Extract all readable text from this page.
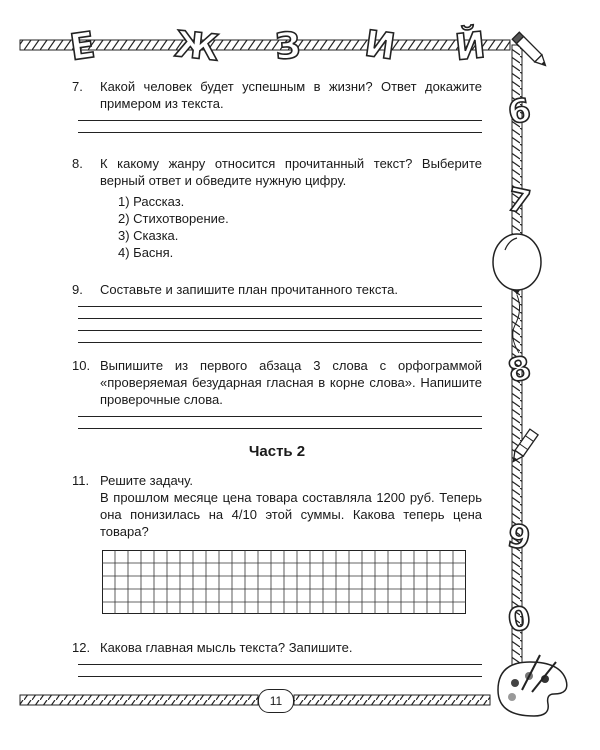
Е Ж З И Й
6
7
8
9
0
7. Какой человек будет успешным в жизни? Ответ докажите примером из текста.
8. К какому жанру относится прочитанный текст? Выберите верный ответ и обведите нужную цифру.
1) Рассказ.
2) Стихотворение.
3) Сказка.
4) Басня.
9. Составьте и запишите план прочитанного текста.
10. Выпишите из первого абзаца 3 слова с орфограммой «проверяемая безударная гласная в корне слова». Напишите проверочные слова.

Часть 2

11. Решите задачу.
В прошлом месяце цена товара составляла 1200 руб. Теперь она понизилась на 4/10 этой суммы. Какова теперь цена товара?
12. Какова главная мысль текста? Запишите.
11
